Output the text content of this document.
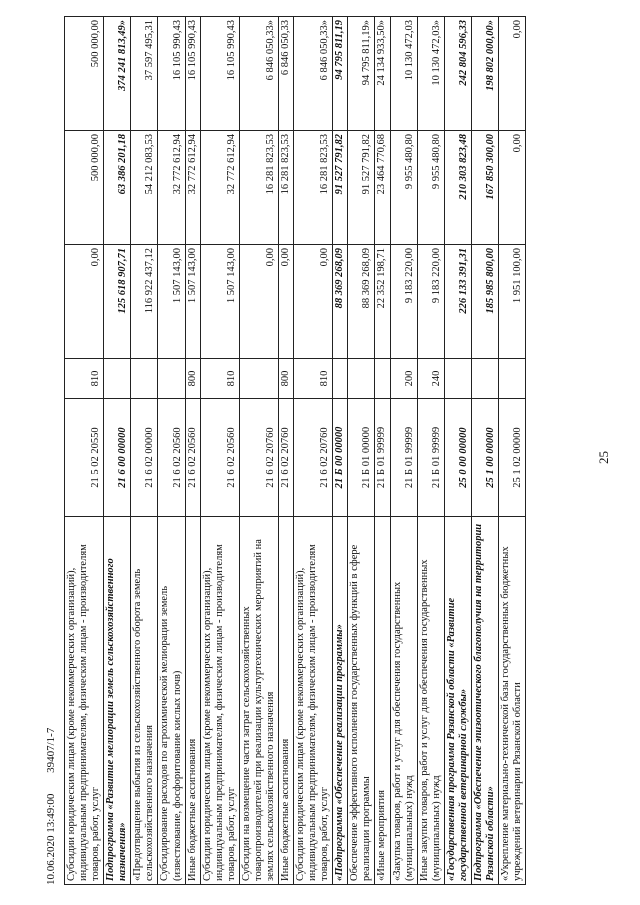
25
Субсидии юридическим лицам (кроме некоммерческих организаций), индивидуальным предпринимателям, физическим лицам - производителям товаров, работ, услуг	21 5 02 20550	810	0,00	500 000,00	500 000,00
Подпрограмма «Развитие мелиорации земель сельскохозяйственного назначения»	21 6 00 00000		125 618 907,71	63 386 201,18	374 241 813,49»
«Предотвращение выбытия из сельскохозяйственного оборота земель сельскохозяйственного назначения	21 6 02 00000		116 922 437,12	54 212 083,53	37 597 495,31
Субсидирование расходов по агрохимической мелиорации земель (известкование, фосфоритование кислых почв)	21 6 02 20560		1 507 143,00	32 772 612,94	16 105 990,43
Иные бюджетные ассигнования	21 6 02 20560	800	1 507 143,00	32 772 612,94	16 105 990,43
Субсидии юридическим лицам (кроме некоммерческих организаций), индивидуальным предпринимателям, физическим лицам - производителям товаров, работ, услуг	21 6 02 20560	810	1 507 143,00	32 772 612,94	16 105 990,43
Субсидии на возмещение части затрат сельскохозяйственных товаропроизводителей при реализации культуртехнических мероприятий на землях сельскохозяйственного назначения	21 6 02 20760		0,00	16 281 823,53	6 846 050,33»
Иные бюджетные ассигнования	21 6 02 20760	800	0,00	16 281 823,53	6 846 050,33
Субсидии юридическим лицам (кроме некоммерческих организаций), индивидуальным предпринимателям, физическим лицам - производителям товаров, работ, услуг	21 6 02 20760	810	0,00	16 281 823,53	6 846 050,33»
«Подпрограмма «Обеспечение реализации программы»	21 Б 00 00000		88 369 268,09	91 527 791,82	94 795 811,19
Обеспечение эффективного исполнения государственных функций в сфере реализации программы	21 Б 01 00000		88 369 268,09	91 527 791,82	94 795 811,19»
«Иные мероприятия	21 Б 01 99999		22 352 198,71	23 464 770,68	24 134 933,50»
«Закупка товаров, работ и услуг для обеспечения государственных (муниципальных) нужд	21 Б 01 99999	200	9 183 220,00	9 955 480,80	10 130 472,03
Иные закупки товаров, работ и услуг для обеспечения государственных (муниципальных) нужд	21 Б 01 99999	240	9 183 220,00	9 955 480,80	10 130 472,03»
«Государственная программа Рязанской области «Развитие государственной ветеринарной службы»	25 0 00 00000		226 133 391,31	210 303 823,48	242 804 596,33
Подпрограмма «Обеспечение эпизоотического благополучия на территории Рязанской области»	25 1 00 00000		185 985 800,00	167 850 300,00	198 802 000,00»
«Укрепление материально-технической базы государственных бюджетных учреждений ветеринарии Рязанской области	25 1 02 00000		1 951 100,00	0,00	0,00
10.06.2020 13:49:00 39407/1-7
